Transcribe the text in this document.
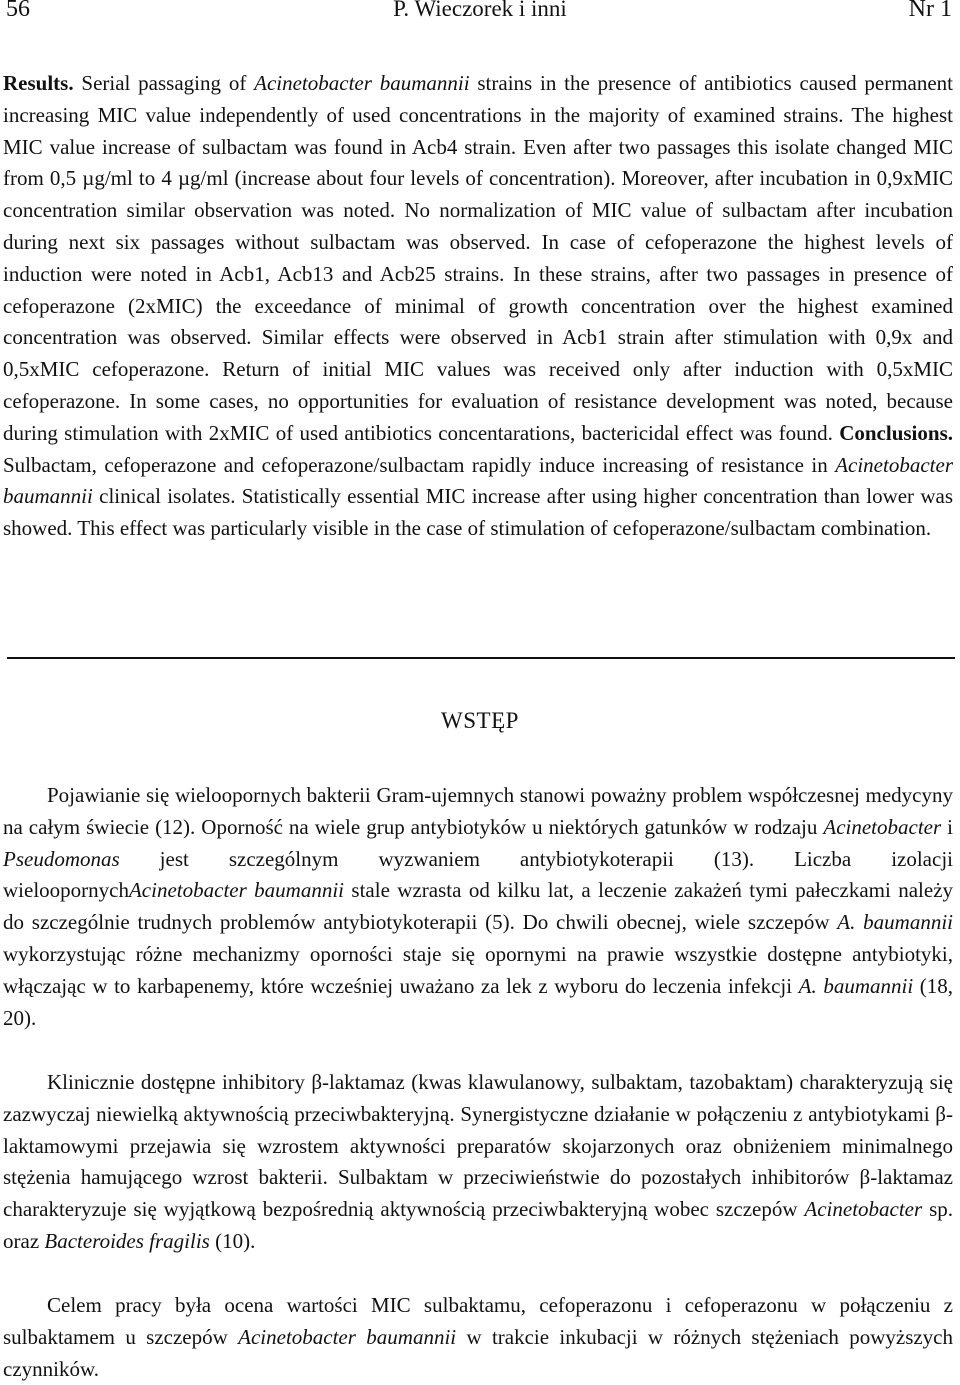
56	P. Wieczorek i inni	Nr 1

Results. Serial passaging of Acinetobacter baumannii strains in the presence of antibiotics caused permanent increasing MIC value independently of used concentrations in the majority of examined strains. The highest MIC value increase of sulbactam was found in Acb4 strain. Even after two passages this isolate changed MIC from 0,5 µg/ml to 4 µg/ml (increase about four levels of concentration). Moreover, after incubation in 0,9xMIC concentration similar observation was noted. No normalization of MIC value of sulbactam after incubation during next six passages without sulbactam was observed. In case of cefoperazone the highest levels of induction were noted in Acb1, Acb13 and Acb25 strains. In these strains, after two passages in presence of cefoperazone (2xMIC) the exceedance of minimal of growth concentration over the highest examined concentration was observed. Similar effects were observed in Acb1 strain after stimulation with 0,9x and 0,5xMIC cefoperazone. Return of initial MIC values was received only after induction with 0,5xMIC cefoperazone. In some cases, no opportunities for evaluation of resistance development was noted, because during stimulation with 2xMIC of used antibiotics concentarations, bactericidal effect was found. Conclusions. Sulbactam, cefoperazone and cefoperazone/sulbactam rapidly induce increasing of resistance in Acinetobacter baumannii clinical isolates. Statistically essential MIC increase after using higher concentration than lower was showed. This effect was particularly visible in the case of stimulation of cefoperazone/sulbactam combination.

WSTĘP

Pojawianie się wieloopornych bakterii Gram-ujemnych stanowi poważny problem współczesnej medycyny na całym świecie (12). Oporność na wiele grup antybiotyków u niektórych gatunków w rodzaju Acinetobacter i Pseudomonas jest szczególnym wyzwaniem antybiotykoterapii (13). Liczba izolacji wieloopornychAcinetobacter baumannii stale wzrasta od kilku lat, a leczenie zakażeń tymi pałeczkami należy do szczególnie trudnych problemów antybiotykoterapii (5). Do chwili obecnej, wiele szczepów A. baumannii wykorzystując różne mechanizmy oporności staje się opornymi na prawie wszystkie dostępne antybiotyki, włączając w to karbapenemy, które wcześniej uważano za lek z wyboru do leczenia infekcji A. baumannii (18, 20).

Klinicznie dostępne inhibitory β-laktamaz (kwas klawulanowy, sulbaktam, tazobaktam) charakteryzują się zazwyczaj niewielką aktywnością przeciwbakteryjną. Synergistyczne działanie w połączeniu z antybiotykami β-laktamowymi przejawia się wzrostem aktywności preparatów skojarzonych oraz obniżeniem minimalnego stężenia hamującego wzrost bakterii. Sulbaktam w przeciwieństwie do pozostałych inhibitorów β-laktamaz charakteryzuje się wyjątkową bezpośrednią aktywnością przeciwbakteryjną wobec szczepów Acinetobacter sp. oraz Bacteroides fragilis (10).

Celem pracy była ocena wartości MIC sulbaktamu, cefoperazonu i cefoperazonu w połączeniu z sulbaktamem u szczepów Acinetobacter baumannii w trakcie inkubacji w różnych stężeniach powyższych czynników.
